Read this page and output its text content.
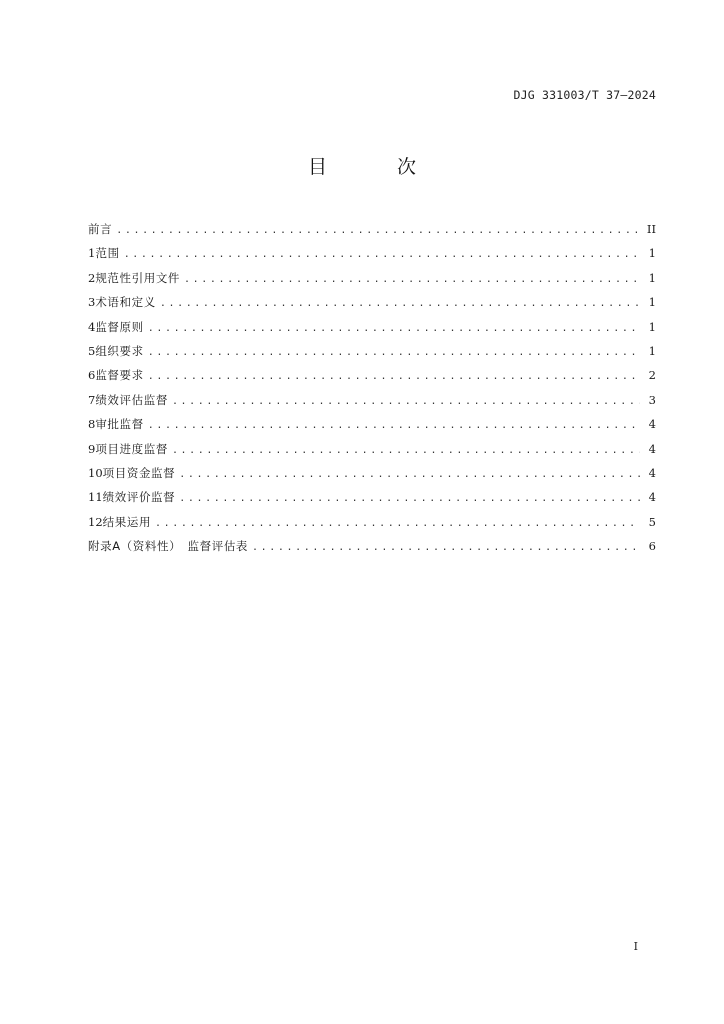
DJG 331003/T 37—2024
目 次
前言 .....	II
1 范围 .....	1
2 规范性引用文件 .....	1
3 术语和定义 .....	1
4 监督原则 .....	1
5 组织要求 .....	1
6 监督要求 .....	2
7 绩效评估监督 .....	3
8 审批监督 .....	4
9 项目进度监督 .....	4
10 项目资金监督 .....	4
11 绩效评价监督 .....	4
12 结果运用 .....	5
附录A（资料性）　监督评估表 .....	6
I
